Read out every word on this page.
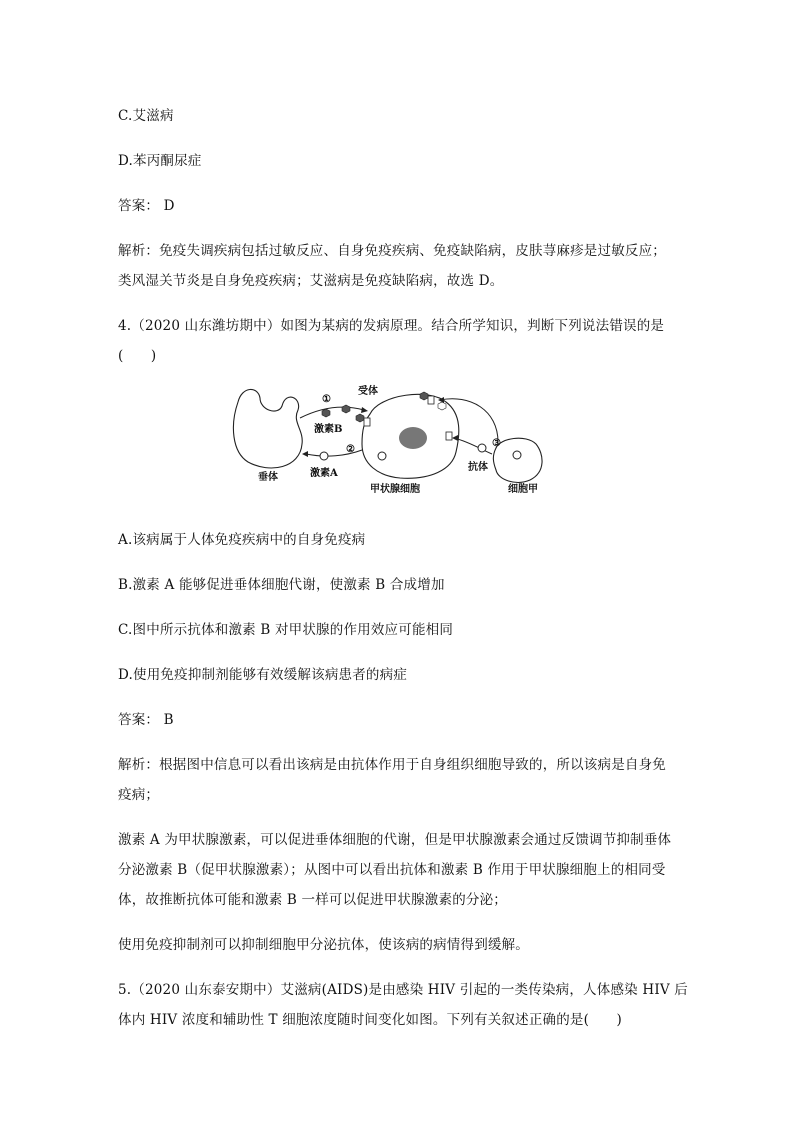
C.艾滋病
D.苯丙酮尿症
答案： D
解析：免疫失调疾病包括过敏反应、自身免疫疾病、免疫缺陷病，皮肤荨麻疹是过敏反应；
类风湿关节炎是自身免疫疾病；艾滋病是免疫缺陷病，故选 D。
4.（2020 山东潍坊期中）如图为某病的发病原理。结合所学知识，判断下列说法错误的是
(　　)
受体
①
激素B
②
垂体	激素A
甲状腺细胞
③
抗体
细胞甲
A.该病属于人体免疫疾病中的自身免疫病
B.激素 A 能够促进垂体细胞代谢，使激素 B 合成增加
C.图中所示抗体和激素 B 对甲状腺的作用效应可能相同
D.使用免疫抑制剂能够有效缓解该病患者的病症
答案： B
解析：根据图中信息可以看出该病是由抗体作用于自身组织细胞导致的，所以该病是自身免
疫病；
激素 A 为甲状腺激素，可以促进垂体细胞的代谢，但是甲状腺激素会通过反馈调节抑制垂体
分泌激素 B（促甲状腺激素）；从图中可以看出抗体和激素 B 作用于甲状腺细胞上的相同受
体，故推断抗体可能和激素 B 一样可以促进甲状腺激素的分泌；
使用免疫抑制剂可以抑制细胞甲分泌抗体，使该病的病情得到缓解。
5.（2020 山东泰安期中）艾滋病(AIDS)是由感染 HIV 引起的一类传染病，人体感染 HIV 后
体内 HIV 浓度和辅助性 T 细胞浓度随时间变化如图。下列有关叙述正确的是(　　)
